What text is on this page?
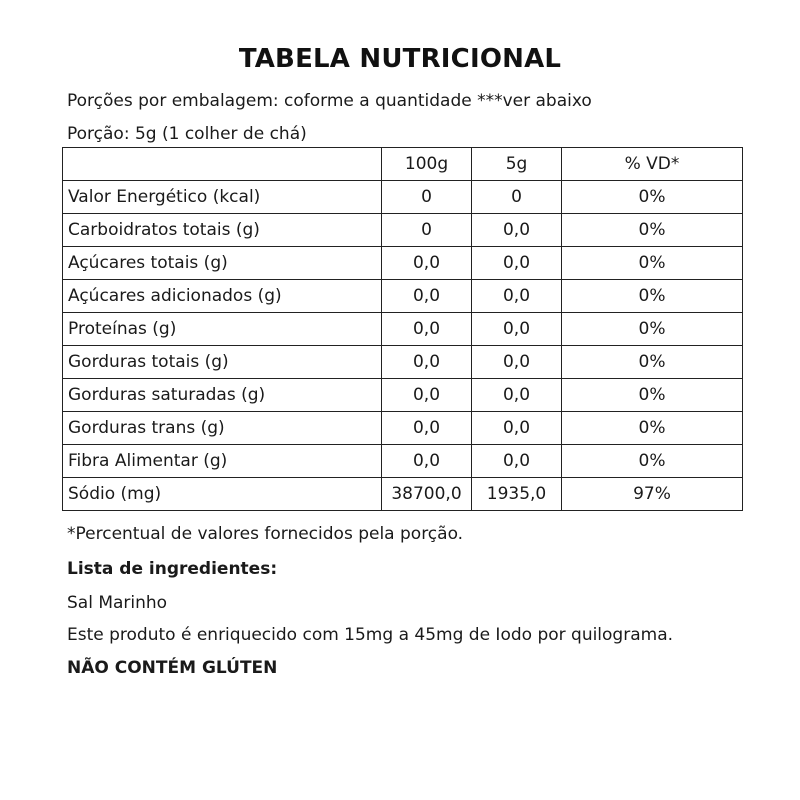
TABELA NUTRICIONAL
Porções por embalagem: coforme a quantidade ***ver abaixo
Porção: 5g (1 colher de chá)
	100g	5g	% VD*
Valor Energético (kcal)	0	0	0%
Carboidratos totais (g)	0	0,0	0%
Açúcares totais (g)	0,0	0,0	0%
Açúcares adicionados (g)	0,0	0,0	0%
Proteínas (g)	0,0	0,0	0%
Gorduras totais (g)	0,0	0,0	0%
Gorduras saturadas (g)	0,0	0,0	0%
Gorduras trans (g)	0,0	0,0	0%
Fibra Alimentar (g)	0,0	0,0	0%
Sódio (mg)	38700,0	1935,0	97%
*Percentual de valores fornecidos pela porção.
Lista de ingredientes:
Sal Marinho
Este produto é enriquecido com 15mg a 45mg de Iodo por quilograma.
NÃO CONTÉM GLÚTEN
